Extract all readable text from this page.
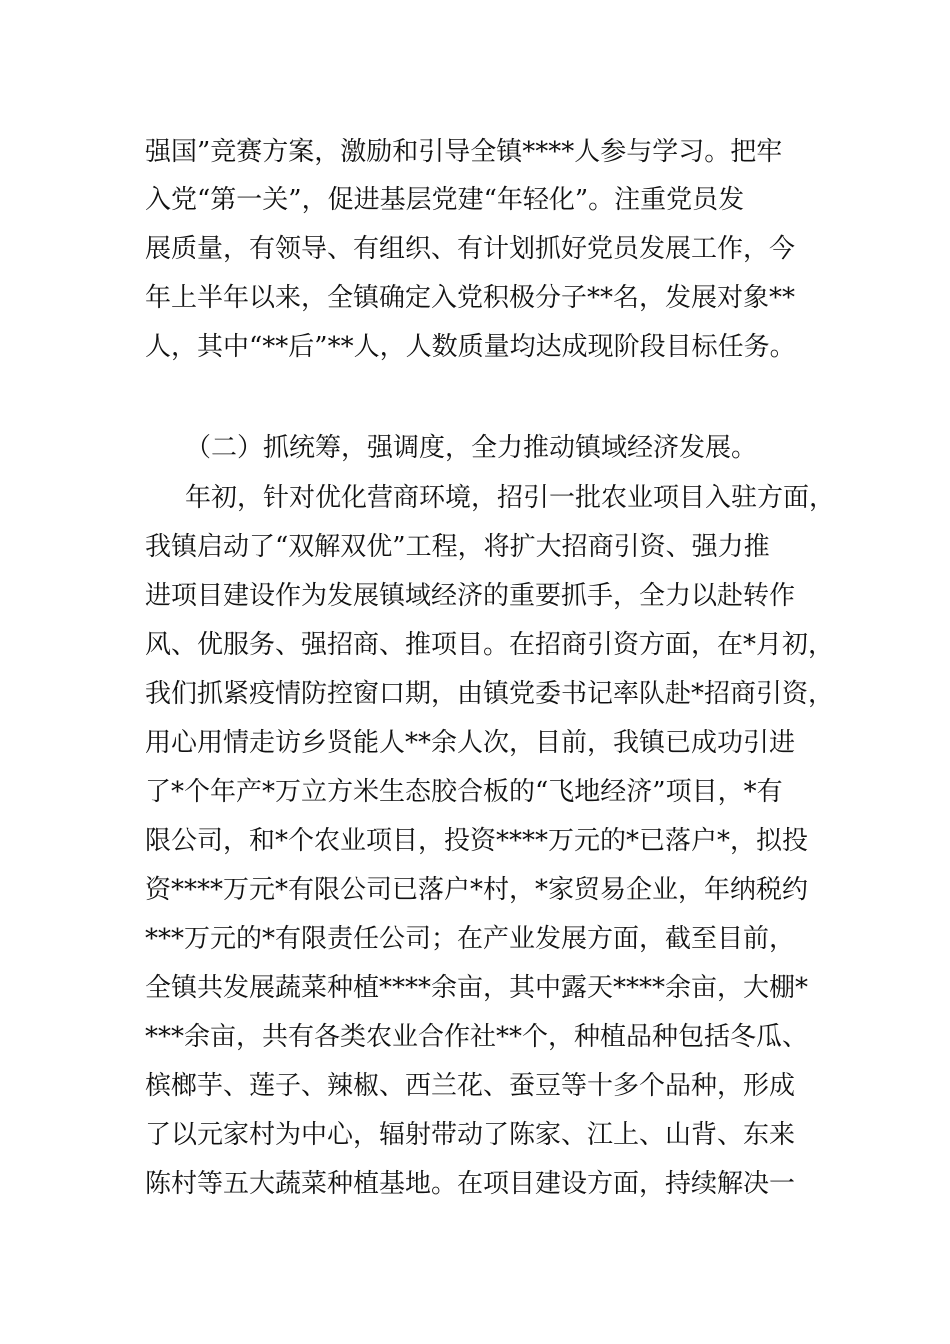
强国”竞赛方案，激励和引导全镇****人参与学习。把牢

入党“第一关”，促进基层党建“年轻化”。注重党员发

展质量，有领导、有组织、有计划抓好党员发展工作，今

年上半年以来，全镇确定入党积极分子**名，发展对象**

人，其中“**后”**人，人数质量均达成现阶段目标任务。

（二）抓统筹，强调度，全力推动镇域经济发展。

年初，针对优化营商环境，招引一批农业项目入驻方面，

我镇启动了“双解双优”工程，将扩大招商引资、强力推

进项目建设作为发展镇域经济的重要抓手，全力以赴转作

风、优服务、强招商、推项目。在招商引资方面，在*月初，

我们抓紧疫情防控窗口期，由镇党委书记率队赴*招商引资，

用心用情走访乡贤能人**余人次，目前，我镇已成功引进

了*个年产*万立方米生态胶合板的“飞地经济”项目，*有

限公司，和*个农业项目，投资****万元的*已落户*，拟投

资****万元*有限公司已落户*村，*家贸易企业，年纳税约

***万元的*有限责任公司；在产业发展方面，截至目前，

全镇共发展蔬菜种植****余亩，其中露天****余亩，大棚*

***余亩，共有各类农业合作社**个，种植品种包括冬瓜、

槟榔芋、莲子、辣椒、西兰花、蚕豆等十多个品种，形成

了以元家村为中心，辐射带动了陈家、江上、山背、东来

陈村等五大蔬菜种植基地。在项目建设方面，持续解决一
